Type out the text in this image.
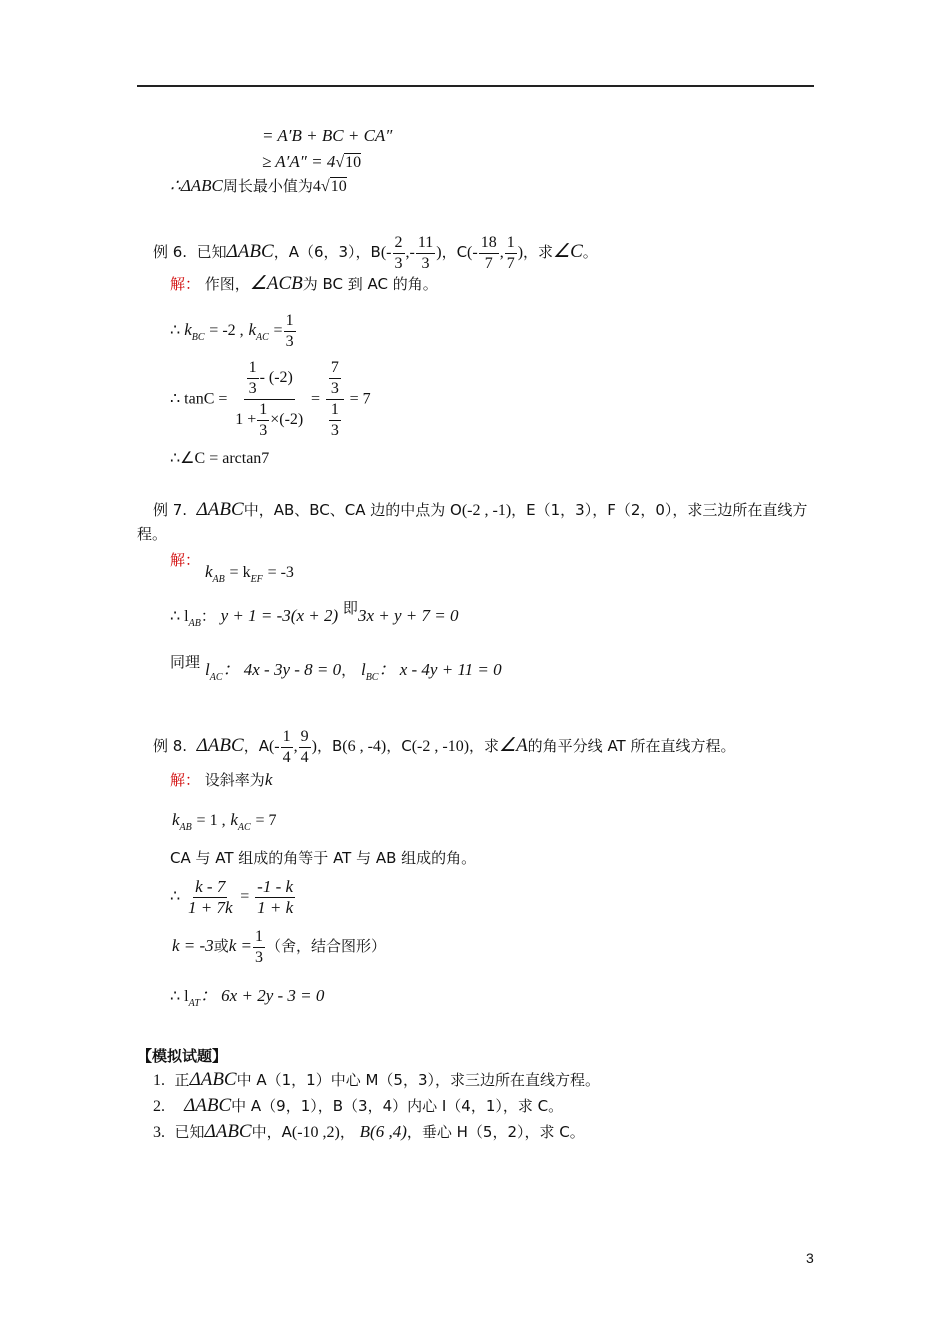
= A′B + BC + CA″
≥ A′A″ = 4√10
∴ΔABC周长最小值为4√10
例 6. 已知ΔABC，A（6，3），$B(- \frac{2}{3}$ ,- $\frac{11}{3}$ )，$C(- \frac{18}{7}$ , $\frac{1}{7}$ )，求∠C。
解： 作图，∠ACB为 BC 到 AC 的角。
∴ $k_{BC} = -2$ , $k_{AC} = \frac{1}{3}$
∴ $\tan C = \frac{\frac{1}{3} - (-2)}{1 + \frac{1}{3} \times(-2)} = \frac{\frac{7}{3}}{\frac{1}{3}} = 7$
∴∠C = arctan7
例 7. ΔABC中，AB、BC、CA 边的中点为 O(-2 , -1)，E（1，3），F（2，0），求三边所在直线方
程。
解：
$k_{AB} = k_{EF} = -3$
∴ $l_{AB}$： y + 1 = -3(x + 2) 即3x + y + 7 = 0
同理 $l_{AC}$： 4x - 3y - 8 = 0， $l_{BC}$： x - 4y + 11 = 0
例 8. ΔABC，$A(- \frac{1}{4}$ , $\frac{9}{4}$ )，B(6 , -4)，C(-2 , -10)，求∠A的角平分线 AT 所在直线方程。
解： 设斜率为k
$k_{AB} = 1$ , $k_{AC} = 7$
CA 与 AT 组成的角等于 AT 与 AB 组成的角。
∴ $\frac{k - 7}{1 + 7k} = \frac{-1 - k}{1 + k}$
k = -3或$k = \frac{1}{3}$ （舍，结合图形）
∴ $l_{AT}$： 6x + 2y - 3 = 0
【模拟试题】
1. 正ΔABC中 A（1，1）中心 M（5，3），求三边所在直线方程。
2. ΔABC中 A（9，1），B（3，4）内心 I（4，1），求 C。
3. 已知ΔABC中，A(-10 ,2)， B(6 ,4)，垂心 H（5，2），求 C。
3
